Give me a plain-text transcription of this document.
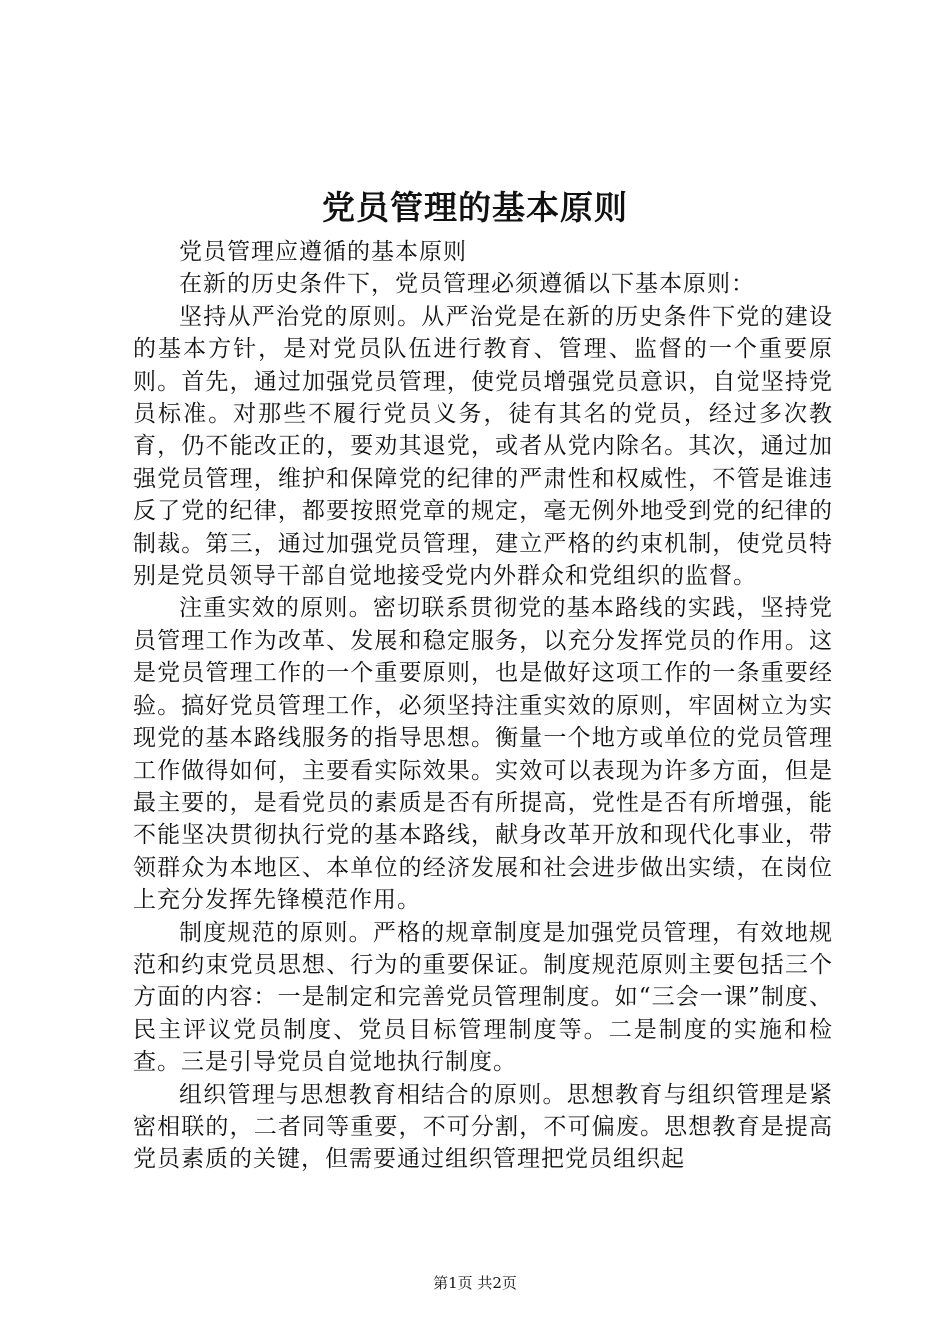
党员管理的基本原则

党员管理应遵循的基本原则

在新的历史条件下，党员管理必须遵循以下基本原则：

坚持从严治党的原则。从严治党是在新的历史条件下党的建设的基本方针，是对党员队伍进行教育、管理、监督的一个重要原则。首先，通过加强党员管理，使党员增强党员意识，自觉坚持党员标准。对那些不履行党员义务，徒有其名的党员，经过多次教育，仍不能改正的，要劝其退党，或者从党内除名。其次，通过加强党员管理，维护和保障党的纪律的严肃性和权威性，不管是谁违反了党的纪律，都要按照党章的规定，毫无例外地受到党的纪律的制裁。第三，通过加强党员管理，建立严格的约束机制，使党员特别是党员领导干部自觉地接受党内外群众和党组织的监督。

注重实效的原则。密切联系贯彻党的基本路线的实践，坚持党员管理工作为改革、发展和稳定服务，以充分发挥党员的作用。这是党员管理工作的一个重要原则，也是做好这项工作的一条重要经验。搞好党员管理工作，必须坚持注重实效的原则，牢固树立为实现党的基本路线服务的指导思想。衡量一个地方或单位的党员管理工作做得如何，主要看实际效果。实效可以表现为许多方面，但是最主要的，是看党员的素质是否有所提高，党性是否有所增强，能不能坚决贯彻执行党的基本路线，献身改革开放和现代化事业，带领群众为本地区、本单位的经济发展和社会进步做出实绩，在岗位上充分发挥先锋模范作用。

制度规范的原则。严格的规章制度是加强党员管理，有效地规范和约束党员思想、行为的重要保证。制度规范原则主要包括三个方面的内容：一是制定和完善党员管理制度。如“三会一课”制度、民主评议党员制度、党员目标管理制度等。二是制度的实施和检查。三是引导党员自觉地执行制度。

组织管理与思想教育相结合的原则。思想教育与组织管理是紧密相联的，二者同等重要，不可分割，不可偏废。思想教育是提高党员素质的关键，但需要通过组织管理把党员组织起

第1页 共2页
